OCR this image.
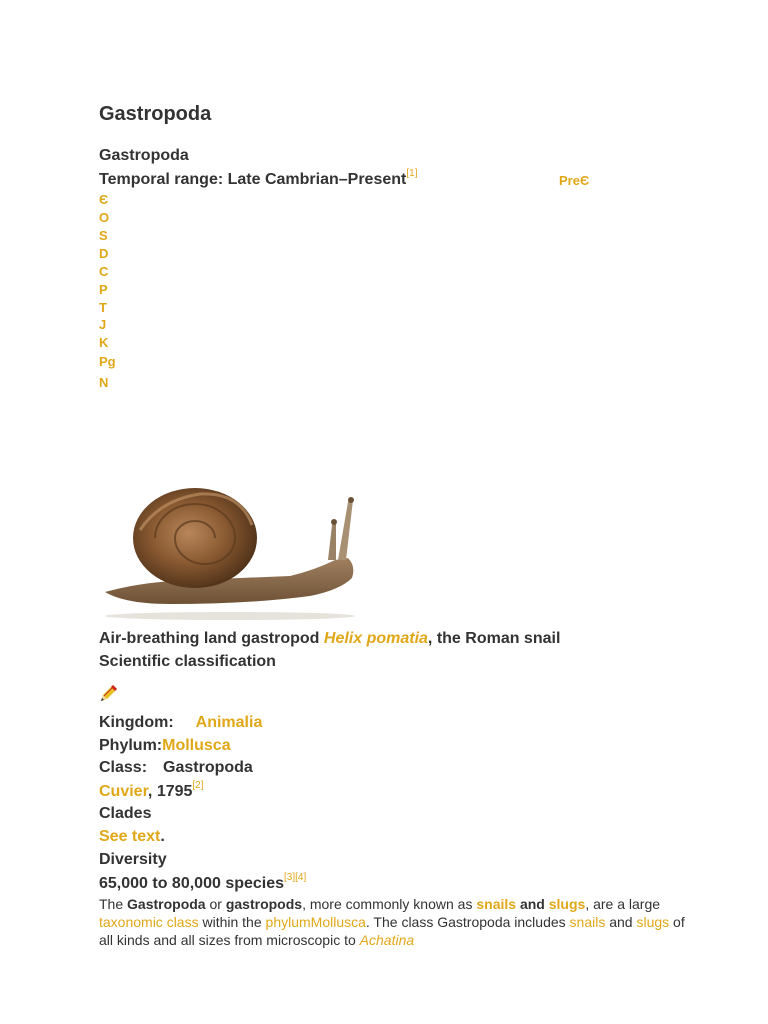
Gastropoda
Gastropoda
Temporal range: Late Cambrian–Present[1]	PreЄ
Є
O
S
D
C
P
T
J
K
Pg
N
Air-breathing land gastropod Helix pomatia, the Roman snail
Scientific classification
Kingdom: Animalia
Phylum:Mollusca
Class: Gastropoda
Cuvier, 1795[2]
Clades
See text.
Diversity
65,000 to 80,000 species[3][4]
The Gastropoda or gastropods, more commonly known as snails and slugs, are a large taxonomic class within the phylumMollusca. The class Gastropoda includes snails and slugs of all kinds and all sizes from microscopic to Achatina
